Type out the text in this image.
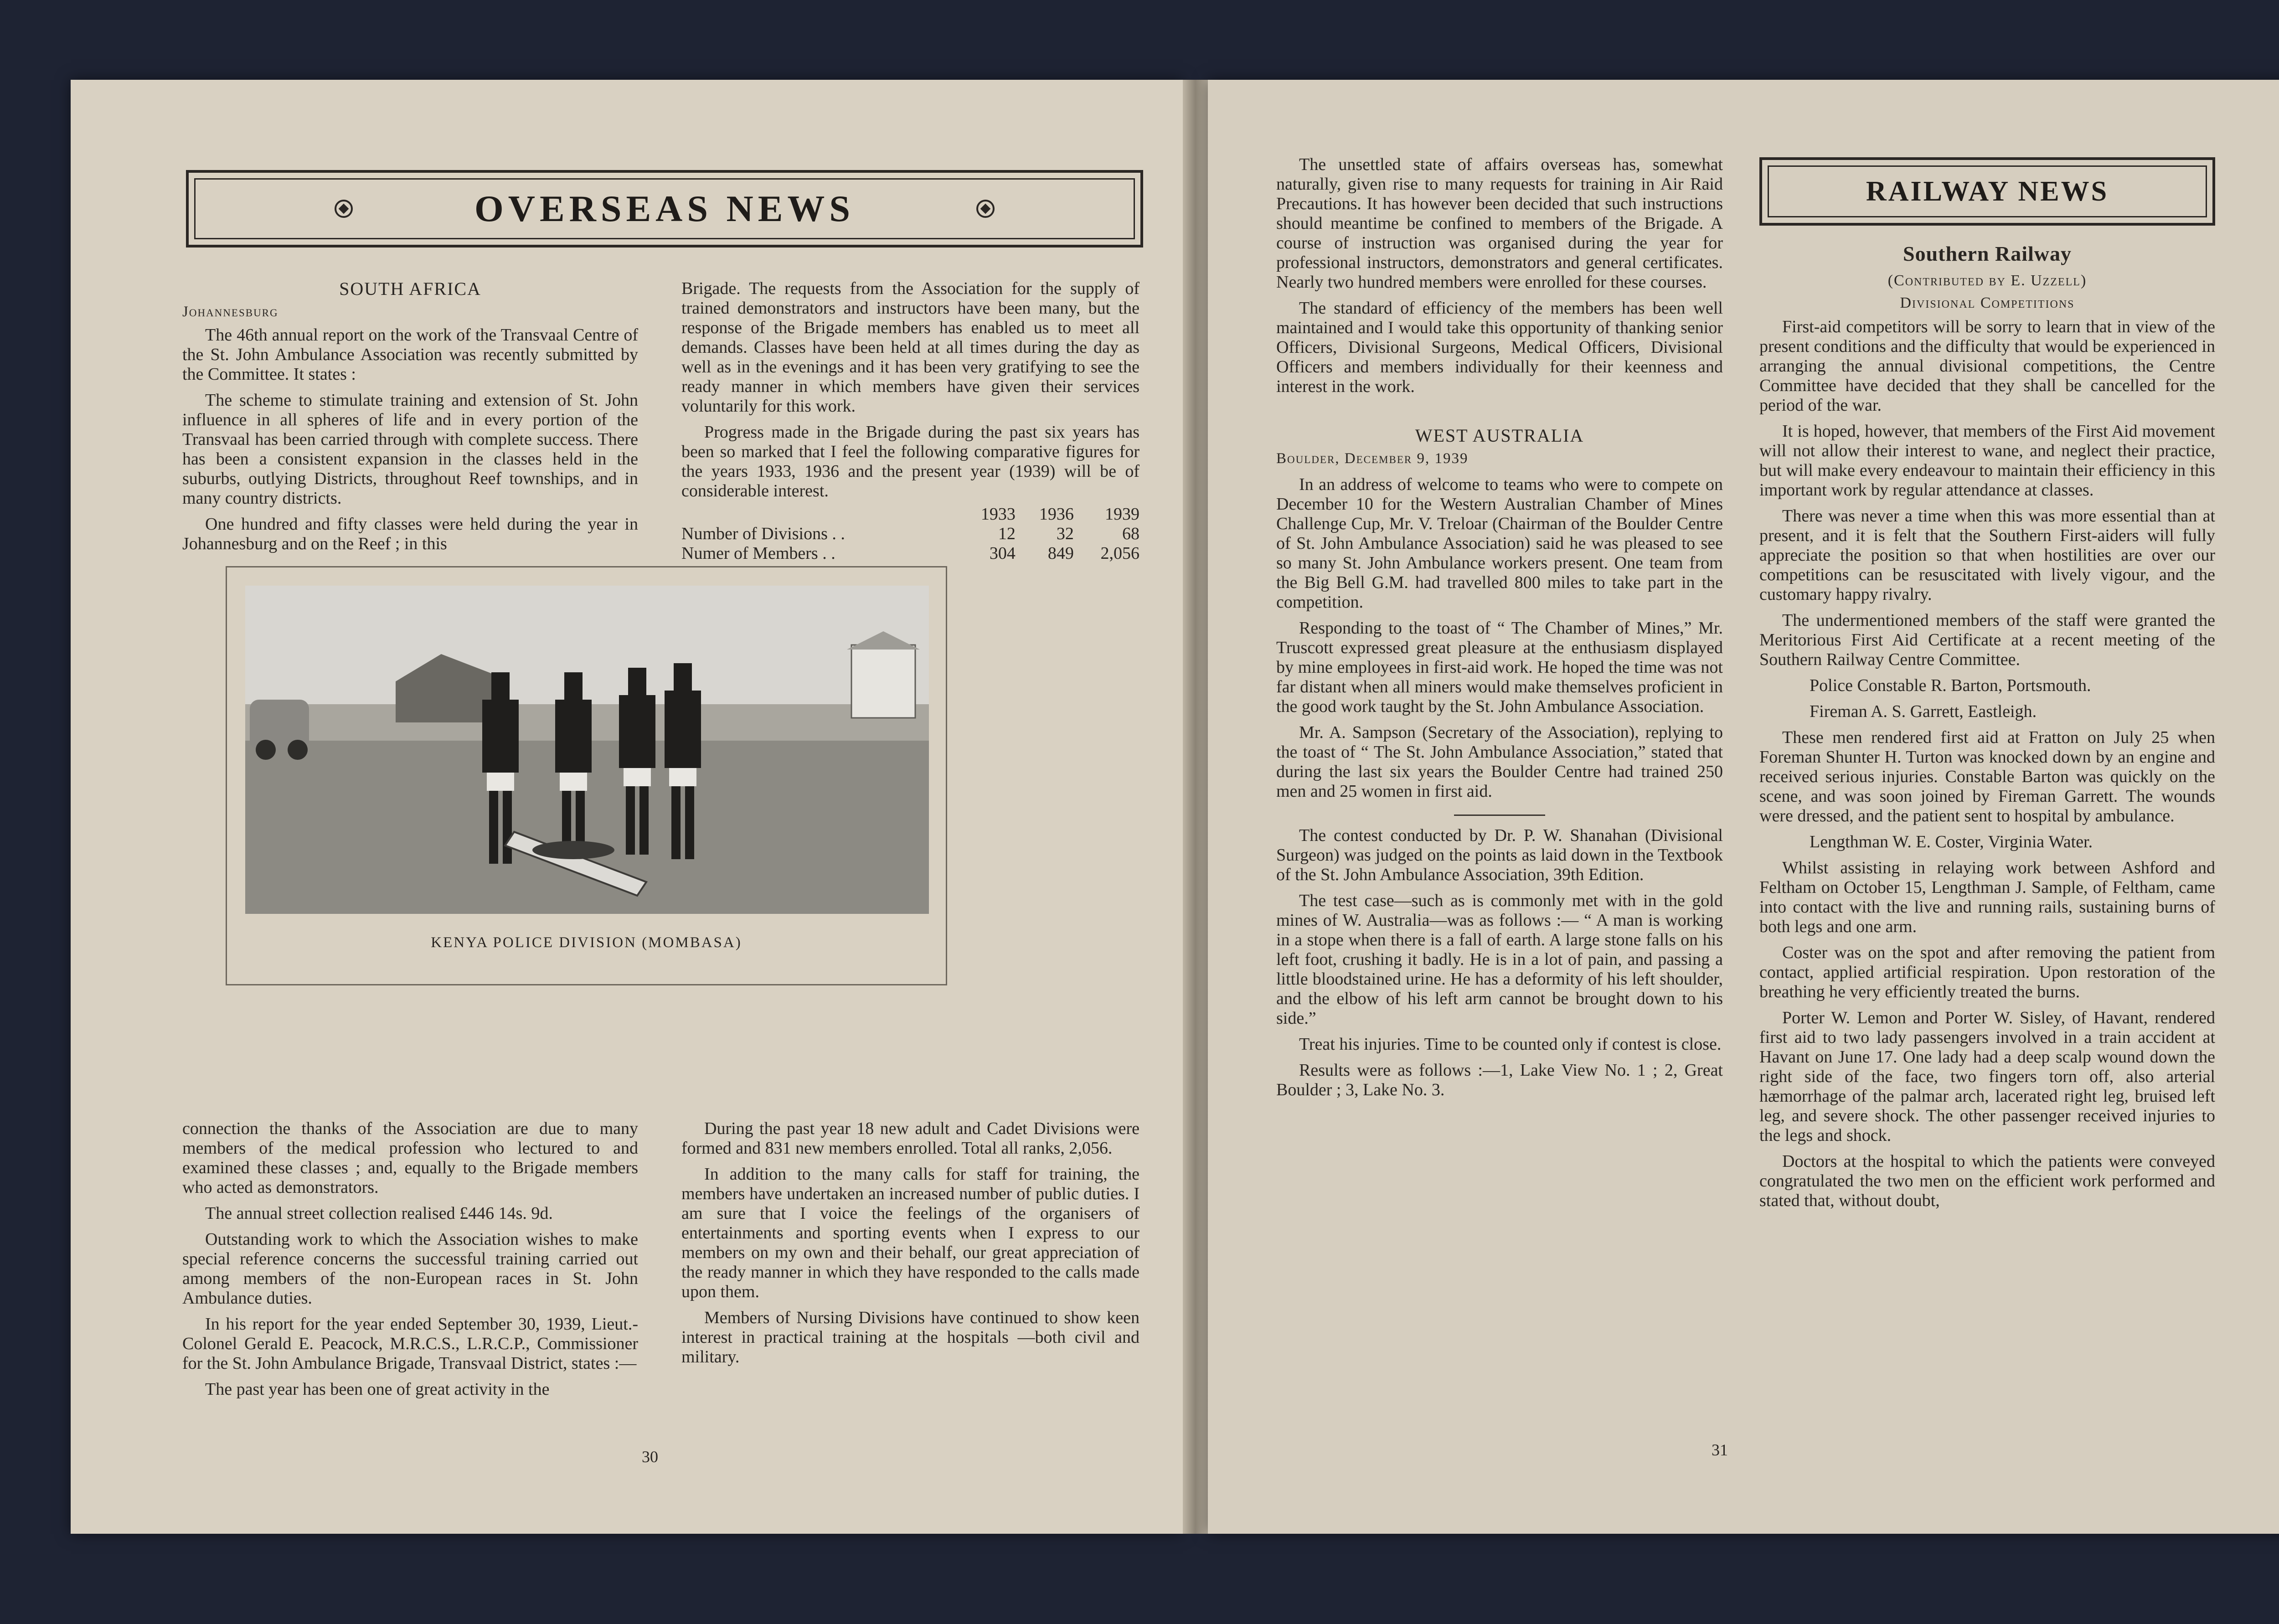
OVERSEAS NEWS
SOUTH AFRICA
Johannesburg

The 46th annual report on the work of the Transvaal Centre of the St. John Ambulance Association was recently submitted by the Committee. It states :

The scheme to stimulate training and extension of St. John influence in all spheres of life and in every portion of the Transvaal has been carried through with complete success. There has been a consistent expansion in the classes held in the suburbs, outlying Districts, throughout Reef townships, and in many country districts.

One hundred and fifty classes were held during the year in Johannesburg and on the Reef ; in this

Brigade. The requests from the Association for the supply of trained demonstrators and instructors have been many, but the response of the Brigade members has enabled us to meet all demands. Classes have been held at all times during the day as well as in the evenings and it has been very gratifying to see the ready manner in which members have given their services voluntarily for this work.

Progress made in the Brigade during the past six years has been so marked that I feel the following comparative figures for the years 1933, 1936 and the present year (1939) will be of considerable interest.

	1933	1936	1939
Number of Divisions . .	12	32	68
Numer of Members . .	304	849	2,056
KENYA POLICE DIVISION (MOMBASA)

connection the thanks of the Association are due to many members of the medical profession who lectured to and examined these classes ; and, equally to the Brigade members who acted as demonstrators.

The annual street collection realised £446 14s. 9d.

Outstanding work to which the Association wishes to make special reference concerns the successful training carried out among members of the non-European races in St. John Ambulance duties.

In his report for the year ended September 30, 1939, Lieut.-Colonel Gerald E. Peacock, M.R.C.S., L.R.C.P., Commissioner for the St. John Ambulance Brigade, Transvaal District, states :—

The past year has been one of great activity in the

During the past year 18 new adult and Cadet Divisions were formed and 831 new members enrolled. Total all ranks, 2,056.

In addition to the many calls for staff for training, the members have undertaken an increased number of public duties. I am sure that I voice the feelings of the organisers of entertainments and sporting events when I express to our members on my own and their behalf, our great appreciation of the ready manner in which they have responded to the calls made upon them.

Members of Nursing Divisions have continued to show keen interest in practical training at the hospitals —both civil and military.

30

The unsettled state of affairs overseas has, somewhat naturally, given rise to many requests for training in Air Raid Precautions. It has however been decided that such instructions should meantime be confined to members of the Brigade. A course of instruction was organised during the year for professional instructors, demonstrators and general certificates. Nearly two hundred members were enrolled for these courses.

The standard of efficiency of the members has been well maintained and I would take this opportunity of thanking senior Officers, Divisional Surgeons, Medical Officers, Divisional Officers and members individually for their keenness and interest in the work.

WEST AUSTRALIA
Boulder, December 9, 1939

In an address of welcome to teams who were to compete on December 10 for the Western Australian Chamber of Mines Challenge Cup, Mr. V. Treloar (Chairman of the Boulder Centre of St. John Ambulance Association) said he was pleased to see so many St. John Ambulance workers present. One team from the Big Bell G.M. had travelled 800 miles to take part in the competition.

Responding to the toast of “ The Chamber of Mines,” Mr. Truscott expressed great pleasure at the enthusiasm displayed by mine employees in first-aid work. He hoped the time was not far distant when all miners would make themselves proficient in the good work taught by the St. John Ambulance Association.

Mr. A. Sampson (Secretary of the Association), replying to the toast of “ The St. John Ambulance Association,” stated that during the last six years the Boulder Centre had trained 250 men and 25 women in first aid.

The contest conducted by Dr. P. W. Shanahan (Divisional Surgeon) was judged on the points as laid down in the Textbook of the St. John Ambulance Association, 39th Edition.

The test case—such as is commonly met with in the gold mines of W. Australia—was as follows :— “ A man is working in a stope when there is a fall of earth. A large stone falls on his left foot, crushing it badly. He is in a lot of pain, and passing a little bloodstained urine. He has a deformity of his left shoulder, and the elbow of his left arm cannot be brought down to his side.”

Treat his injuries. Time to be counted only if contest is close.

Results were as follows :—1, Lake View No. 1 ; 2, Great Boulder ; 3, Lake No. 3.

RAILWAY NEWS
Southern Railway
(Contributed by E. Uzzell)
Divisional Competitions

First-aid competitors will be sorry to learn that in view of the present conditions and the difficulty that would be experienced in arranging the annual divisional competitions, the Centre Committee have decided that they shall be cancelled for the period of the war.

It is hoped, however, that members of the First Aid movement will not allow their interest to wane, and neglect their practice, but will make every endeavour to maintain their efficiency in this important work by regular attendance at classes.

There was never a time when this was more essential than at present, and it is felt that the Southern First-aiders will fully appreciate the position so that when hostilities are over our competitions can be resuscitated with lively vigour, and the customary happy rivalry.

The undermentioned members of the staff were granted the Meritorious First Aid Certificate at a recent meeting of the Southern Railway Centre Committee.

Police Constable R. Barton, Portsmouth.

Fireman A. S. Garrett, Eastleigh.

These men rendered first aid at Fratton on July 25 when Foreman Shunter H. Turton was knocked down by an engine and received serious injuries. Constable Barton was quickly on the scene, and was soon joined by Fireman Garrett. The wounds were dressed, and the patient sent to hospital by ambulance.

Lengthman W. E. Coster, Virginia Water.

Whilst assisting in relaying work between Ashford and Feltham on October 15, Lengthman J. Sample, of Feltham, came into contact with the live and running rails, sustaining burns of both legs and one arm.

Coster was on the spot and after removing the patient from contact, applied artificial respiration. Upon restoration of the breathing he very efficiently treated the burns.

Porter W. Lemon and Porter W. Sisley, of Havant, rendered first aid to two lady passengers involved in a train accident at Havant on June 17. One lady had a deep scalp wound down the right side of the face, two fingers torn off, also arterial hæmorrhage of the palmar arch, lacerated right leg, bruised left leg, and severe shock. The other passenger received injuries to the legs and shock.

Doctors at the hospital to which the patients were conveyed congratulated the two men on the efficient work performed and stated that, without doubt,

31
